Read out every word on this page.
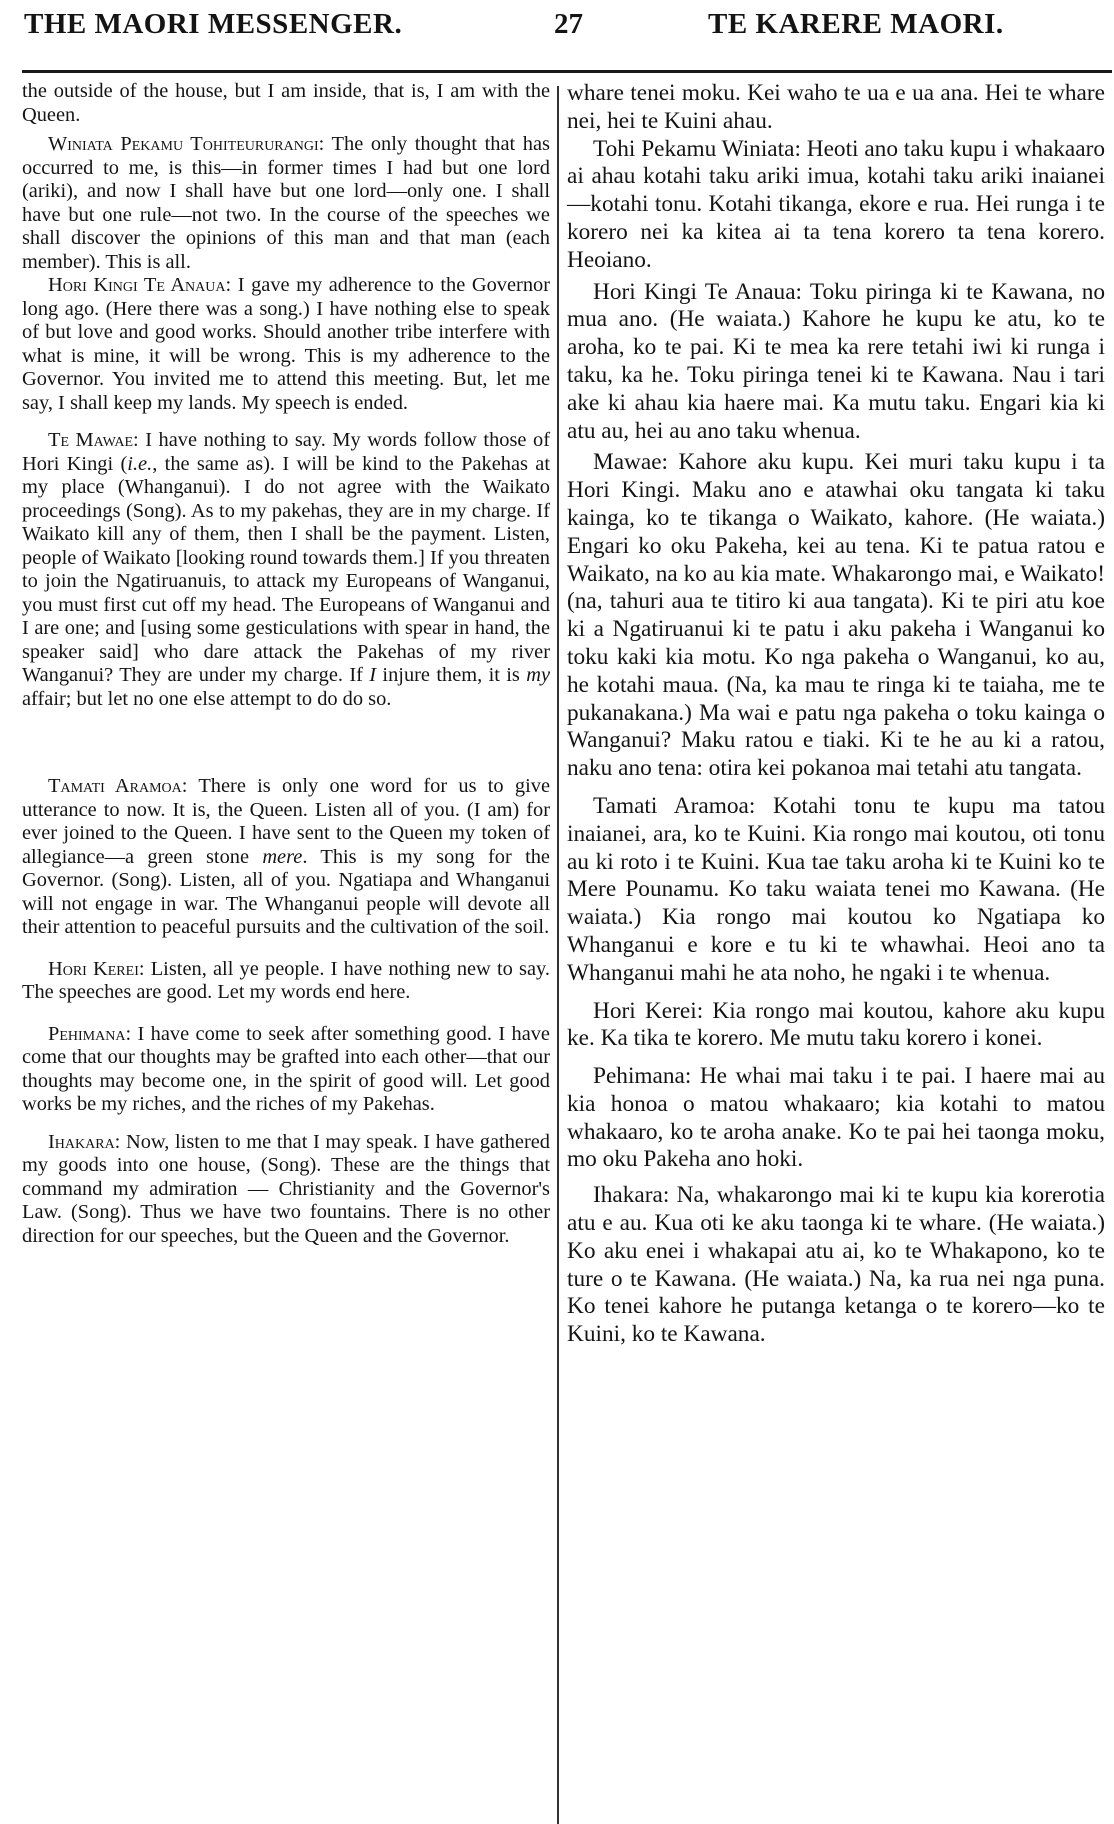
THE MAORI MESSENGER.	27	TE KARERE MAORI.

the outside of the house, but I am inside, that is, I am with the Queen.

Winiata Pekamu Tohiteururangi: The only thought that has occurred to me, is this—in former times I had but one lord (ariki), and now I shall have but one lord—only one. I shall have but one rule—not two. In the course of the speeches we shall discover the opinions of this man and that man (each member). This is all.

Hori Kingi Te Anaua: I gave my adherence to the Governor long ago. (Here there was a song.) I have nothing else to speak of but love and good works. Should another tribe interfere with what is mine, it will be wrong. This is my adherence to the Governor. You invited me to attend this meeting. But, let me say, I shall keep my lands. My speech is ended.

Te Mawae: I have nothing to say. My words follow those of Hori Kingi (i.e., the same as). I will be kind to the Pakehas at my place (Whanganui). I do not agree with the Waikato proceedings (Song). As to my pakehas, they are in my charge. If Waikato kill any of them, then I shall be the payment. Listen, people of Waikato [looking round towards them.] If you threaten to join the Ngatiruanuis, to attack my Europeans of Wanganui, you must first cut off my head. The Europeans of Wanganui and I are one; and [using some gesticulations with spear in hand, the speaker said] who dare attack the Pakehas of my river Wanganui? They are under my charge. If I injure them, it is my affair; but let no one else attempt to do do so.

Tamati Aramoa: There is only one word for us to give utterance to now. It is, the Queen. Listen all of you. (I am) for ever joined to the Queen. I have sent to the Queen my token of allegiance—a green stone mere. This is my song for the Governor. (Song). Listen, all of you. Ngatiapa and Whanganui will not engage in war. The Whanganui people will devote all their attention to peaceful pursuits and the cultivation of the soil.

Hori Kerei: Listen, all ye people. I have nothing new to say. The speeches are good. Let my words end here.

Pehimana: I have come to seek after something good. I have come that our thoughts may be grafted into each other—that our thoughts may become one, in the spirit of good will. Let good works be my riches, and the riches of my Pakehas.

Ihakara: Now, listen to me that I may speak. I have gathered my goods into one house, (Song). These are the things that command my admiration — Christianity and the Governor's Law. (Song). Thus we have two fountains. There is no other direction for our speeches, but the Queen and the Governor.

whare tenei moku. Kei waho te ua e ua ana. Hei te whare nei, hei te Kuini ahau.

Tohi Pekamu Winiata: Heoti ano taku kupu i whakaaro ai ahau kotahi taku ariki imua, kotahi taku ariki inaianei—kotahi tonu. Kotahi tikanga, ekore e rua. Hei runga i te korero nei ka kitea ai ta tena korero ta tena korero. Heoiano.

Hori Kingi Te Anaua: Toku piringa ki te Kawana, no mua ano. (He waiata.) Kahore he kupu ke atu, ko te aroha, ko te pai. Ki te mea ka rere tetahi iwi ki runga i taku, ka he. Toku piringa tenei ki te Kawana. Nau i tari ake ki ahau kia haere mai. Ka mutu taku. Engari kia ki atu au, hei au ano taku whenua.

Mawae: Kahore aku kupu. Kei muri taku kupu i ta Hori Kingi. Maku ano e atawhai oku tangata ki taku kainga, ko te tikanga o Waikato, kahore. (He waiata.) Engari ko oku Pakeha, kei au tena. Ki te patua ratou e Waikato, na ko au kia mate. Whakarongo mai, e Waikato! (na, tahuri aua te titiro ki aua tangata). Ki te piri atu koe ki a Ngatiruanui ki te patu i aku pakeha i Wanganui ko toku kaki kia motu. Ko nga pakeha o Wanganui, ko au, he kotahi maua. (Na, ka mau te ringa ki te taiaha, me te pukanakana.) Ma wai e patu nga pakeha o toku kainga o Wanganui? Maku ratou e tiaki. Ki te he au ki a ratou, naku ano tena: otira kei pokanoa mai tetahi atu tangata.

Tamati Aramoa: Kotahi tonu te kupu ma tatou inaianei, ara, ko te Kuini. Kia rongo mai koutou, oti tonu au ki roto i te Kuini. Kua tae taku aroha ki te Kuini ko te Mere Pounamu. Ko taku waiata tenei mo Kawana. (He waiata.) Kia rongo mai koutou ko Ngatiapa ko Whanganui e kore e tu ki te whawhai. Heoi ano ta Whanganui mahi he ata noho, he ngaki i te whenua.

Hori Kerei: Kia rongo mai koutou, kahore aku kupu ke. Ka tika te korero. Me mutu taku korero i konei.

Pehimana: He whai mai taku i te pai. I haere mai au kia honoa o matou whakaaro; kia kotahi to matou whakaaro, ko te aroha anake. Ko te pai hei taonga moku, mo oku Pakeha ano hoki.

Ihakara: Na, whakarongo mai ki te kupu kia korerotia atu e au. Kua oti ke aku taonga ki te whare. (He waiata.) Ko aku enei i whakapai atu ai, ko te Whakapono, ko te ture o te Kawana. (He waiata.) Na, ka rua nei nga puna. Ko tenei kahore he putanga ketanga o te korero—ko te Kuini, ko te Kawana.
